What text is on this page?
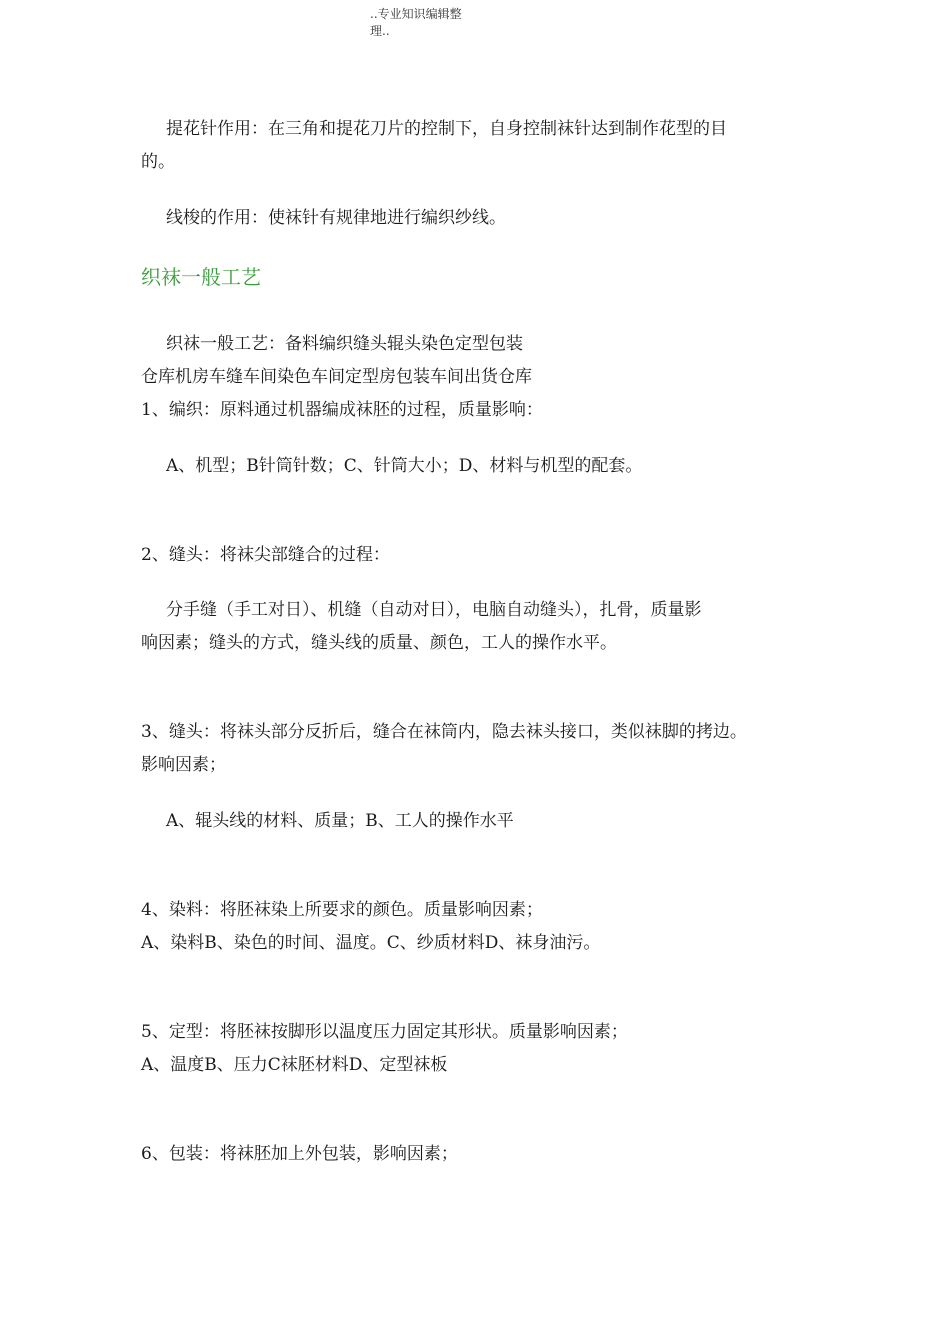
..专业知识编辑整
理..
提花针作用：在三角和提花刀片的控制下，自身控制袜针达到制作花型的目
的。
线梭的作用：使袜针有规律地进行编织纱线。
织袜一般工艺
织袜一般工艺：备料编织缝头辊头染色定型包装
仓库机房车缝车间染色车间定型房包装车间出货仓库
1、编织：原料通过机器编成袜胚的过程，质量影响：
A、机型；B针筒针数；C、针筒大小；D、材料与机型的配套。
2、缝头：将袜尖部缝合的过程：
分手缝（手工对日）、机缝（自动对日），电脑自动缝头），扎骨，质量影
响因素；缝头的方式，缝头线的质量、颜色，工人的操作水平。
3、缝头：将袜头部分反折后，缝合在袜筒内，隐去袜头接口，类似袜脚的拷边。
影响因素；
A、辊头线的材料、质量；B、工人的操作水平
4、染料：将胚袜染上所要求的颜色。质量影响因素；
A、染料B、染色的时间、温度。C、纱质材料D、袜身油污。
5、定型：将胚袜按脚形以温度压力固定其形状。质量影响因素；
A、温度B、压力C袜胚材料D、定型袜板
6、包装：将袜胚加上外包装，影响因素；
